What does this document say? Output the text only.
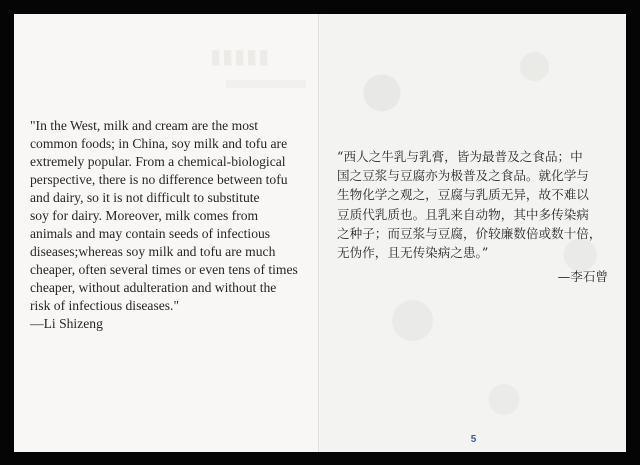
▮▮▮▮▮

"In the West, milk and cream are the most
common foods; in China, soy milk and tofu are
extremely popular. From a chemical-biological
perspective, there is no difference between tofu
and dairy, so it is not difficult to substitute
soy for dairy. Moreover, milk comes from
animals and may contain seeds of infectious
diseases;whereas soy milk and tofu are much
cheaper, often several times or even tens of times
cheaper, without adulteration and without the
risk of infectious diseases."

—Li Shizeng

“西人之牛乳与乳膏，皆为最普及之食品；中
国之豆浆与豆腐亦为极普及之食品。就化学与
生物化学之观之，豆腐与乳质无异，故不难以
豆质代乳质也。且乳来自动物，其中多传染病
之种子；而豆浆与豆腐，价较廉数倍或数十倍，
无伪作，且无传染病之患。”

—李石曾

5
